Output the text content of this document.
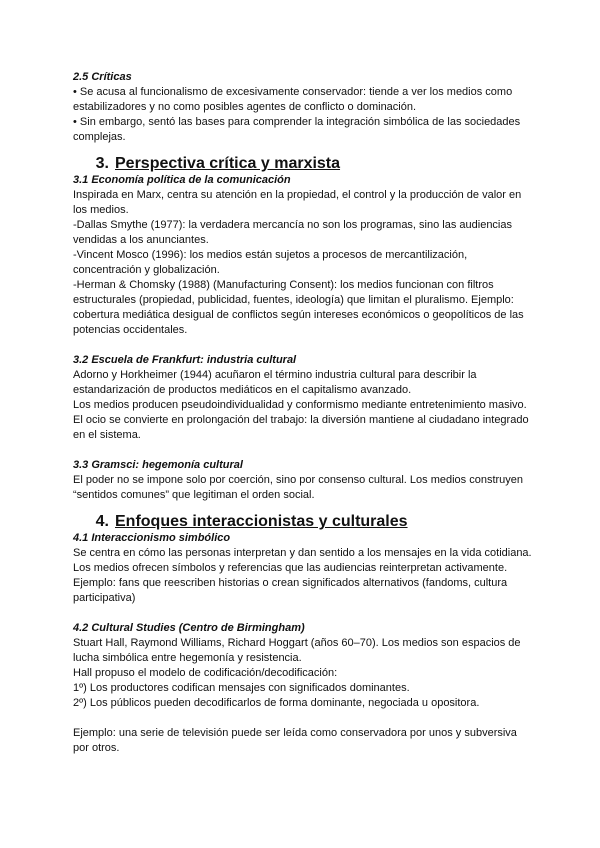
2.5 Críticas

• Se acusa al funcionalismo de excesivamente conservador: tiende a ver los medios como estabilizadores y no como posibles agentes de conflicto o dominación.

• Sin embargo, sentó las bases para comprender la integración simbólica de las sociedades complejas.

3. Perspectiva crítica y marxista
3.1 Economía política de la comunicación

Inspirada en Marx, centra su atención en la propiedad, el control y la producción de valor en los medios.

-Dallas Smythe (1977): la verdadera mercancía no son los programas, sino las audiencias vendidas a los anunciantes.

-Vincent Mosco (1996): los medios están sujetos a procesos de mercantilización, concentración y globalización.

-Herman & Chomsky (1988) (Manufacturing Consent): los medios funcionan con filtros estructurales (propiedad, publicidad, fuentes, ideología) que limitan el pluralismo. Ejemplo: cobertura mediática desigual de conflictos según intereses económicos o geopolíticos de las potencias occidentales.

3.2 Escuela de Frankfurt: industria cultural

Adorno y Horkheimer (1944) acuñaron el término industria cultural para describir la estandarización de productos mediáticos en el capitalismo avanzado.

Los medios producen pseudoindividualidad y conformismo mediante entretenimiento masivo.

El ocio se convierte en prolongación del trabajo: la diversión mantiene al ciudadano integrado en el sistema.

3.3 Gramsci: hegemonía cultural

El poder no se impone solo por coerción, sino por consenso cultural. Los medios construyen “sentidos comunes” que legitiman el orden social.

4. Enfoques interaccionistas y culturales
4.1 Interaccionismo simbólico

Se centra en cómo las personas interpretan y dan sentido a los mensajes en la vida cotidiana. Los medios ofrecen símbolos y referencias que las audiencias reinterpretan activamente.

Ejemplo: fans que reescriben historias o crean significados alternativos (fandoms, cultura participativa)

4.2 Cultural Studies (Centro de Birmingham)

Stuart Hall, Raymond Williams, Richard Hoggart (años 60–70). Los medios son espacios de lucha simbólica entre hegemonía y resistencia.

Hall propuso el modelo de codificación/decodificación:

1º) Los productores codifican mensajes con significados dominantes.

2º) Los públicos pueden decodificarlos de forma dominante, negociada u opositora.

Ejemplo: una serie de televisión puede ser leída como conservadora por unos y subversiva por otros.
